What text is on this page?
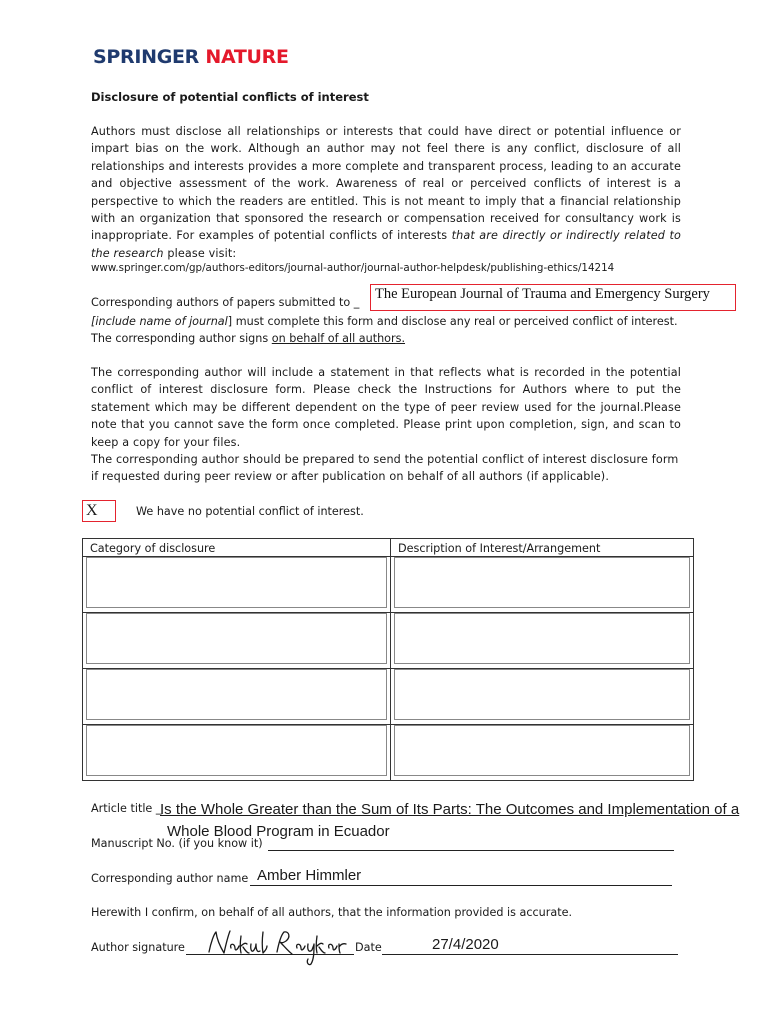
SPRINGER NATURE
Disclosure of potential conflicts of interest
Authors must disclose all relationships or interests that could have direct or potential influence or impart bias on the work. Although an author may not feel there is any conflict, disclosure of all relationships and interests provides a more complete and transparent process, leading to an accurate and objective assessment of the work. Awareness of real or perceived conflicts of interest is a perspective to which the readers are entitled. This is not meant to imply that a financial relationship with an organization that sponsored the research or compensation received for consultancy work is inappropriate. For examples of potential conflicts of interests that are directly or indirectly related to the research please visit:
www.springer.com/gp/authors-editors/journal-author/journal-author-helpdesk/publishing-ethics/14214
Corresponding authors of papers submitted to _
The European Journal of Trauma and Emergency Surgery
[include name of journal] must complete this form and disclose any real or perceived conflict of interest.
The corresponding author signs on behalf of all authors.
The corresponding author will include a statement in that reflects what is recorded in the potential conflict of interest disclosure form. Please check the Instructions for Authors where to put the statement which may be different dependent on the type of peer review used for the journal.Please note that you cannot save the form once completed. Please print upon completion, sign, and scan to keep a copy for your files.
The corresponding author should be prepared to send the potential conflict of interest disclosure form if requested during peer review or after publication on behalf of all authors (if applicable).
X	We have no potential conflict of interest.
Category of disclosure	Description of Interest/Arrangement

Article title _
Is the Whole Greater than the Sum of Its Parts: The Outcomes and Implementation of a
Whole Blood Program in Ecuador
Manuscript No. (if you know it)
Corresponding author name Amber Himmler
Herewith I confirm, on behalf of all authors, that the information provided is accurate.
Author signature	Date	27/4/2020
